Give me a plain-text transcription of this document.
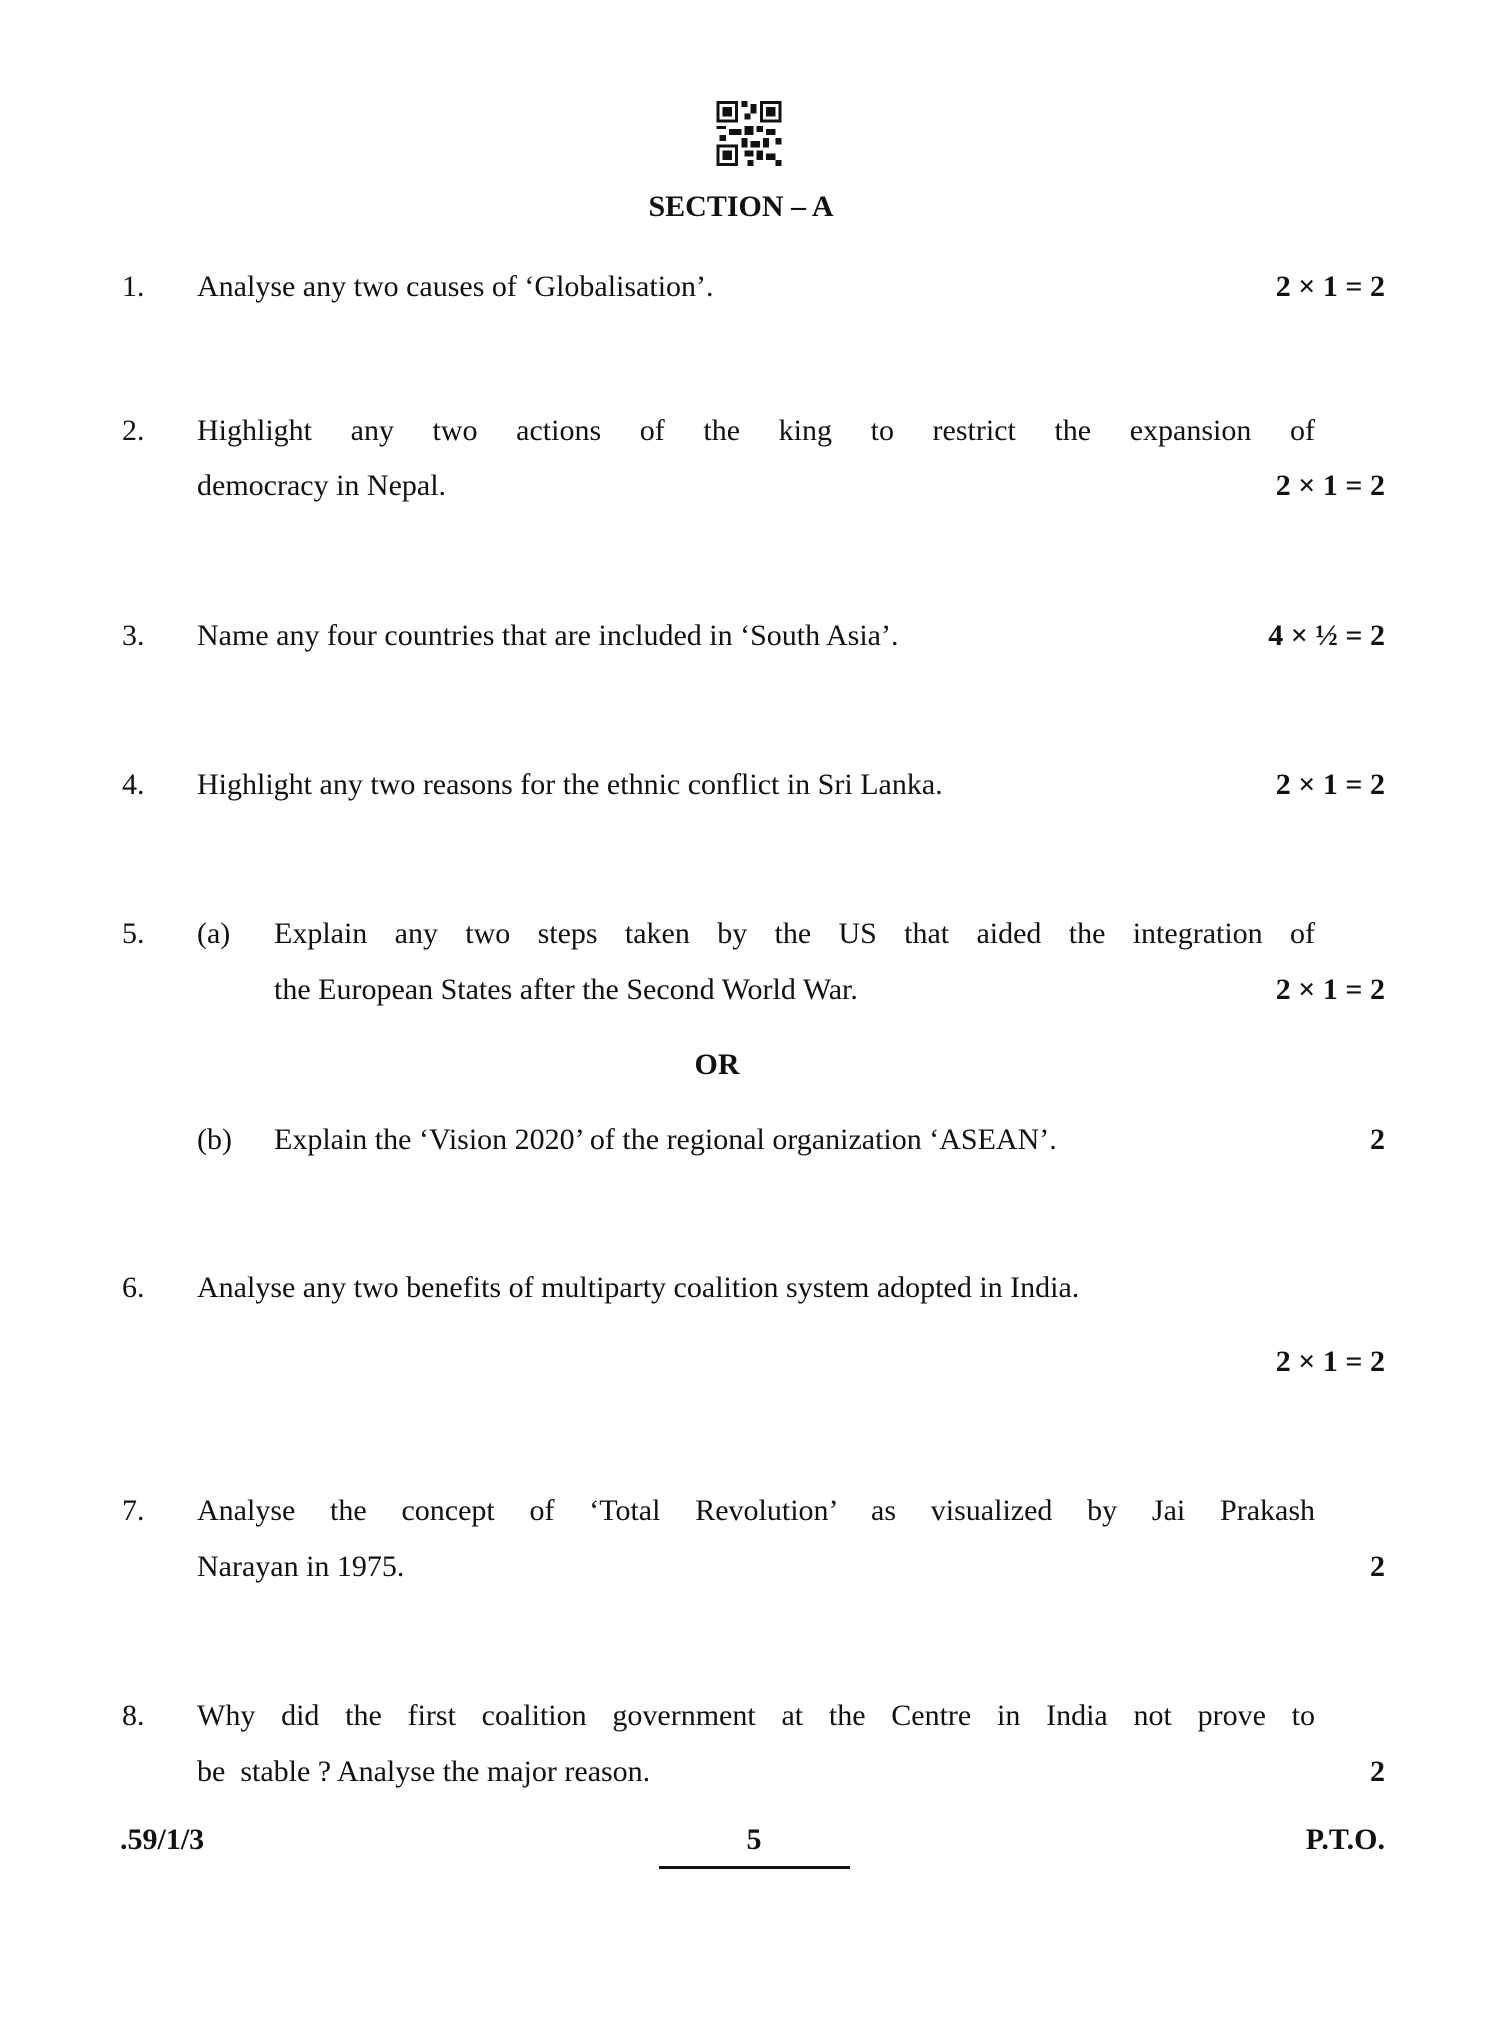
SECTION – A
1. Analyse any two causes of ‘Globalisation’.	2 × 1 = 2
2. Highlight any two actions of the king to restrict the expansion of
democracy in Nepal.	2 × 1 = 2
3. Name any four countries that are included in ‘South Asia’.	4 × ½ = 2
4. Highlight any two reasons for the ethnic conflict in Sri Lanka.	2 × 1 = 2
5. (a) Explain any two steps taken by the US that aided the integration of
the European States after the Second World War.	2 × 1 = 2
OR
(b) Explain the ‘Vision 2020’ of the regional organization ‘ASEAN’.	2
6. Analyse any two benefits of multiparty coalition system adopted in India.
2 × 1 = 2
7. Analyse the concept of ‘Total Revolution’ as visualized by Jai Prakash
Narayan in 1975.	2
8. Why did the first coalition government at the Centre in India not prove to
be  stable ? Analyse the major reason.	2
.59/1/3	5	P.T.O.
